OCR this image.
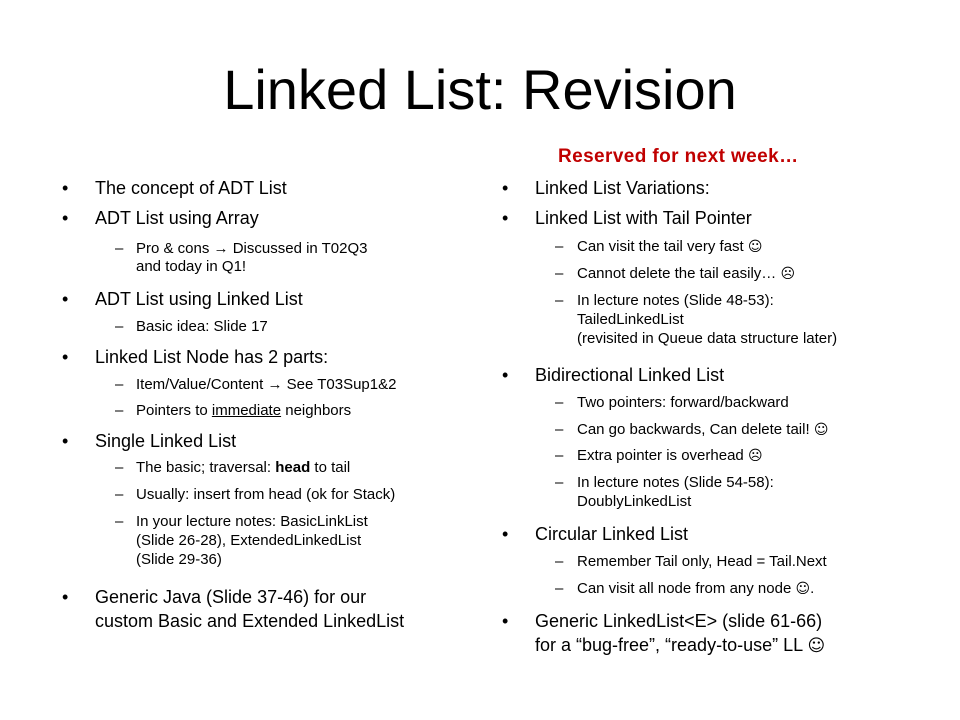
Linked List: Revision
• The concept of ADT List
• ADT List using Array
– Pro & cons → Discussed in T02Q3
and today in Q1!
• ADT List using Linked List
– Basic idea: Slide 17
• Linked List Node has 2 parts:
– Item/Value/Content → See T03Sup1&2
– Pointers to immediate neighbors
• Single Linked List
– The basic; traversal: head to tail
– Usually: insert from head (ok for Stack)
– In your lecture notes: BasicLinkList
(Slide 26-28), ExtendedLinkedList
(Slide 29-36)
• Generic Java (Slide 37-46) for our
custom Basic and Extended LinkedList
Reserved for next week…
• Linked List Variations:
• Linked List with Tail Pointer
– Can visit the tail very fast ☺
– Cannot delete the tail easily… ☹
– In lecture notes (Slide 48-53):
TailedLinkedList
(revisited in Queue data structure later)
• Bidirectional Linked List
– Two pointers: forward/backward
– Can go backwards, Can delete tail! ☺
– Extra pointer is overhead ☹
– In lecture notes (Slide 54-58):
DoublyLinkedList
• Circular Linked List
– Remember Tail only, Head = Tail.Next
– Can visit all node from any node ☺.
• Generic LinkedList<E> (slide 61-66)
for a “bug-free”, “ready-to-use” LL ☺
